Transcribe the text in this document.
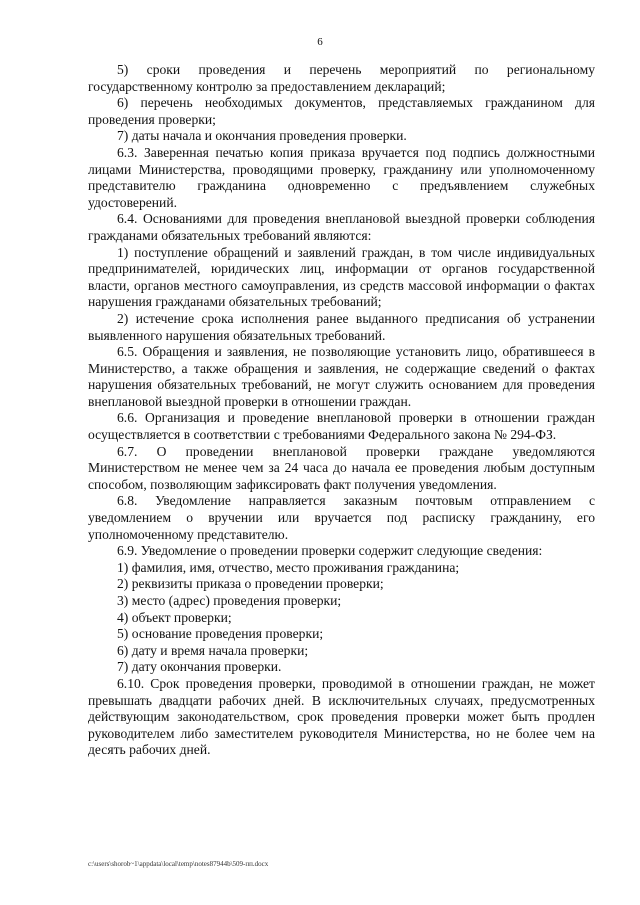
6

5) сроки проведения и перечень мероприятий по региональному государственному контролю за предоставлением деклараций;

6) перечень необходимых документов, представляемых гражданином для проведения проверки;

7) даты начала и окончания проведения проверки.

6.3. Заверенная печатью копия приказа вручается под подпись должностными лицами Министерства, проводящими проверку, гражданину или уполномоченному представителю гражданина одновременно с предъявлением служебных удостоверений.

6.4. Основаниями для проведения внеплановой выездной проверки соблюдения гражданами обязательных требований являются:

1) поступление обращений и заявлений граждан, в том числе индивидуальных предпринимателей, юридических лиц, информации от органов государственной власти, органов местного самоуправления, из средств массовой информации о фактах нарушения гражданами обязательных требований;

2) истечение срока исполнения ранее выданного предписания об устранении выявленного нарушения обязательных требований.

6.5. Обращения и заявления, не позволяющие установить лицо, обратившееся в Министерство, а также обращения и заявления, не содержащие сведений о фактах нарушения обязательных требований, не могут служить основанием для проведения внеплановой выездной проверки в отношении граждан.

6.6. Организация и проведение внеплановой проверки в отношении граждан осуществляется в соответствии с требованиями Федерального закона № 294-ФЗ.

6.7. О проведении внеплановой проверки граждане уведомляются Министерством не менее чем за 24 часа до начала ее проведения любым доступным способом, позволяющим зафиксировать факт получения уведомления.

6.8. Уведомление направляется заказным почтовым отправлением с уведомлением о вручении или вручается под расписку гражданину, его уполномоченному представителю.

6.9. Уведомление о проведении проверки содержит следующие сведения:

1) фамилия, имя, отчество, место проживания гражданина;

2) реквизиты приказа о проведении проверки;

3) место (адрес) проведения проверки;

4) объект проверки;

5) основание проведения проверки;

6) дату и время начала проверки;

7) дату окончания проверки.

6.10. Срок проведения проверки, проводимой в отношении граждан, не может превышать двадцати рабочих дней. В исключительных случаях, предусмотренных действующим законодательством, срок проведения проверки может быть продлен руководителем либо заместителем руководителя Министерства, но не более чем на десять рабочих дней.

c:\users\shorob~1\appdata\local\temp\notes87944b\509-пп.docx
